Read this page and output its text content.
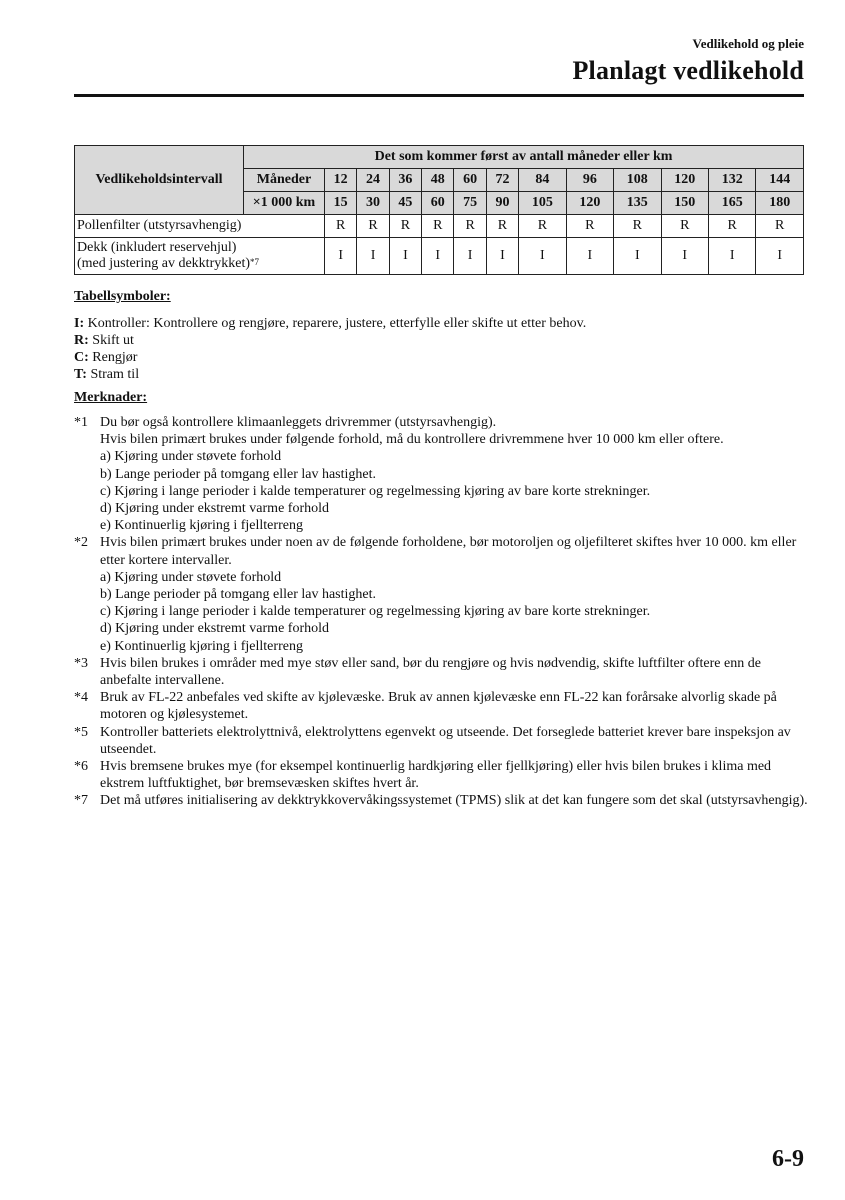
Vedlikehold og pleie
Planlagt vedlikehold
Vedlikeholdsintervall	Det som kommer først av antall måneder eller km												
	Måneder	12	24	36	48	60	72	84	96	108	120	132	144
	×1 000 km	15	30	45	60	75	90	105	120	135	150	165	180

Pollenfilter (utstyrsavhengig)		R	R	R	R	R	R	R	R	R	R	R	R

Dekk (inkludert reservehjul)
(med justering av dekktrykket)$^{*7}$		I	I	I	I	I	I	I	I	I	I	I	I
Tabellsymboler:
I: Kontroller: Kontrollere og rengjøre, reparere, justere, etterfylle eller skifte ut etter behov.
R: Skift ut
C: Rengjør
T: Stram til
Merknader:
*1 Du bør også kontrollere klimaanleggets drivremmer (utstyrsavhengig).
Hvis bilen primært brukes under følgende forhold, må du kontrollere drivremmene hver 10 000 km eller oftere.
a) Kjøring under støvete forhold
b) Lange perioder på tomgang eller lav hastighet.
c) Kjøring i lange perioder i kalde temperaturer og regelmessing kjøring av bare korte strekninger.
d) Kjøring under ekstremt varme forhold
e) Kontinuerlig kjøring i fjellterreng
*2 Hvis bilen primært brukes under noen av de følgende forholdene, bør motoroljen og oljefilteret skiftes hver 10 000. km eller etter kortere intervaller.
a) Kjøring under støvete forhold
b) Lange perioder på tomgang eller lav hastighet.
c) Kjøring i lange perioder i kalde temperaturer og regelmessing kjøring av bare korte strekninger.
d) Kjøring under ekstremt varme forhold
e) Kontinuerlig kjøring i fjellterreng
*3 Hvis bilen brukes i områder med mye støv eller sand, bør du rengjøre og hvis nødvendig, skifte luftfilter oftere enn de anbefalte intervallene.
*4 Bruk av FL-22 anbefales ved skifte av kjølevæske. Bruk av annen kjølevæske enn FL-22 kan forårsake alvorlig skade på motoren og kjølesystemet.
*5 Kontroller batteriets elektrolyttnivå, elektrolyttens egenvekt og utseende. Det forseglede batteriet krever bare inspeksjon av utseendet.
*6 Hvis bremsene brukes mye (for eksempel kontinuerlig hardkjøring eller fjellkjøring) eller hvis bilen brukes i klima med ekstrem luftfuktighet, bør bremsevæsken skiftes hvert år.
*7 Det må utføres initialisering av dekktrykkovervåkingssystemet (TPMS) slik at det kan fungere som det skal (utstyrsavhengig).
6-9
